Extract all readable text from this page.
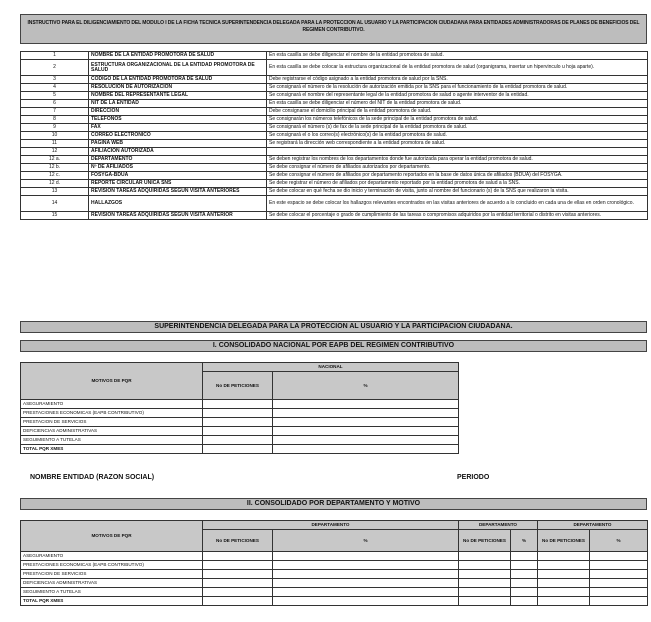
INSTRUCTIVO PARA EL DILIGENCIAMIENTO DEL MODULO I DE LA FICHA TECNICA SUPERINTENDENCIA DELEGADA PARA LA PROTECCION AL USUARIO Y LA PARTICIPACION CIUDADANA PARA ENTIDADES ADMINISTRADORAS DE PLANES DE BENEFICIOS DEL REGIMEN CONTRIBUTIVO.
1	NOMBRE DE LA ENTIDAD PROMOTORA DE SALUD	En esta casilla se debe diligenciar el nombre de la entidad promotora de salud.
2	ESTRUCTURA ORGANIZACIONAL DE LA ENTIDAD PROMOTORA DE SALUD	En esta casilla se debe colocar la estructura organizacional de la entidad promotora de salud (organigrama, insertar un hipervinculo u hoja aparte).
3	CÓDIGO DE LA ENTIDAD PROMOTORA DE SALUD	Debe registrarse el código asignado a la entidad promotora de salud por la SNS.
4	RESOLUCION DE AUTORIZACION	Se consignará el número de la resolución de autorización emitida por la SNS para el funcionamiento de la entidad promotora de salud.
5	NOMBRE DEL REPRESENTANTE LEGAL	Se consignará el nombre del representante legal de la entidad promotora de salud o agente interventor de la entidad.
6	NIT DE LA ENTIDAD	En esta casilla se debe diligenciar el número del NIT de la entidad promotora de salud.
7	DIRECCIÓN	Debe consignarse el domicilio principal de la entidad promotora de salud.
8	TELEFONOS	Se consignarán los números telefónicos de la sede principal de la entidad promotora de salud.
9	FAX	Se consignará el número (s) de fax de la sede principal de la entidad promotora de salud.
10	CORREO ELECTRONICO	Se consignará el o los correo(s) electrónico(s) de la entidad promotora de salud.
11	PAGINA WEB	Se registrará la dirección web correspondiente a la entidad promotora de salud.
12	AFILIACION AUTORIZADA	
12 a.	DEPARTAMENTO	Se deben registrar los nombres de los departamentos donde fue autorizada para operar la entidad promotora de salud.
12 b.	Nº DE AFILIADOS	Se debe consignar el número de afiliados autorizados por departamento.
12 c.	FOSYGA-BDUA	Se debe consignar el número de afiliados por departamento reportados en la base de datos única de afiliados (BDUA) del FOSYGA.
12 d.	REPORTE CIRCULAR UNICA SNS	Se debe registrar el número de afiliados por departamento reportado por la entidad promotora de salud a la SNS.
13	REVISION TAREAS ADQUIRIDAS SEGÚN VISITA ANTERIORES	Se debe colocar en qué fecha se dio inicio y terminación de visita, junto al nombre del funcionario (s) de la SNS que realizaron la visita.
14	HALLAZGOS	En este espacio se debe colocar los hallazgos relevantes encontrados en las visitas anteriores de acuerdo a lo concluido en cada una de ellas en orden cronológico.
15	REVISION TAREAS ADQUIRIDAS SEGÚN VISITA ANTERIOR	Se debe colocar el porcentaje o grado de cumplimiento de las tareas o compromisos adquiridos por la entidad territorial o distrito en visitas anteriores.
SUPERINTENDENCIA DELEGADA PARA LA PROTECCION AL USUARIO Y LA PARTICIPACION CIUDADANA.
I. CONSOLIDADO NACIONAL POR EAPB DEL REGIMEN CONTRIBUTIVO
MOTIVOS DE PQR	NACIONAL	
	No DE PETICIONES	%
ASEGURAMIENTO		
PRESTACIONES ECONOMICAS (EAPB CONTRIBUTIVO)		
PRESTACION DE SERVICIOS		
DEFICIENCIAS ADMINISTRATIVAS		
SEGUIMIENTO A TUTELAS		
TOTAL PQR XMES		
NOMBRE ENTIDAD (RAZON SOCIAL)	PERIODO
II. CONSOLIDADO POR DEPARTAMENTO Y MOTIVO
MOTIVOS DE PQR	DEPARTAMENTO		DEPARTAMENTO		DEPARTAMENTO	
	No DE PETICIONES	%	No DE PETICIONES	%	No DE PETICIONES	%
ASEGURAMIENTO						
PRESTACIONES ECONOMICAS (EAPB CONTRIBUTIVO)						
PRESTACION DE SERVICIOS						
DEFICIENCIAS ADMINISTRATIVAS						
SEGUIMIENTO A TUTELAS						
TOTAL PQR XMES						
